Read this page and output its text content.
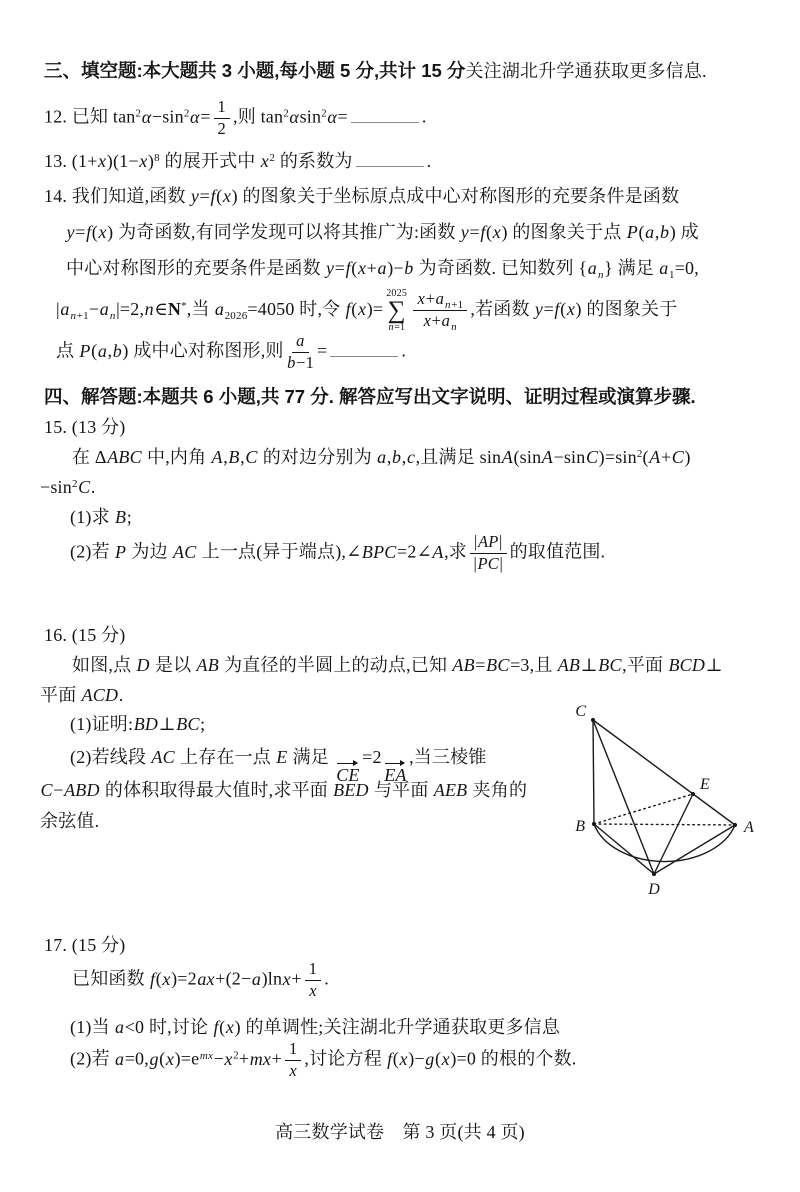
三、填空题:本大题共 3 小题,每小题 5 分,共计 15 分关注湖北升学通获取更多信息.
12. 已知 $\tan^2\alpha-\sin^2\alpha= \frac{1}{2}$ ,则 $\tan^2\alpha\sin^2\alpha=$	.
13. $(1+x)(1-x)^8$ 的展开式中 $x^2$ 的系数为	.
14. 我们知道,函数 y=f(x) 的图象关于坐标原点成中心对称图形的充要条件是函数
y=f(x) 为奇函数,有同学发现可以将其推广为:函数 y=f(x) 的图象关于点 P(a,b) 成
中心对称图形的充要条件是函数 y=f(x+a)−b 为奇函数. 已知数列 $\{a_n\}$ 满足 $a_1=0$,
$|a_{n+1}-a_n|=2,n\in N^*$,当 $a_{2026}=4050$ 时,令 f(x)=
2025
∑
$n=1 \frac{x+a_{n+1}}{x+a_n}$ ,若函数 y=f(x) 的图象关于
点 P(a,b) 成中心对称图形,则 $\frac{a}{b-1}$ =	.
四、解答题:本题共 6 小题,共 77 分. 解答应写出文字说明、证明过程或演算步骤.
15. (13 分)
在 ΔABC 中,内角 A,B,C 的对边分别为 a,b,c,且满足 $\sin A(\sin A-\sin C)=\sin^2(A+C)$
$-\sin^2C$.
(1)求 B;
(2)若 P 为边 AC 上一点(异于端点),∠BPC=2∠A,求 $\frac{|AP|}{|PC|}$ 的取值范围.
16. (15 分)
如图,点 D 是以 AB 为直径的半圆上的动点,已知 AB=BC=3,且 AB⊥BC,平面 BCD⊥
平面 ACD.
(1)证明:BD⊥BC;
(2)若线段 AC 上存在一点 E 满足
CE
=2
EA
,当三棱锥
C−ABD 的体积取得最大值时,求平面 BED 与平面 AEB 夹角的
余弦值.
17. (15 分)
已知函数 $f(x)=2ax+(2-a)\ln x+ \frac{1}{x}$ .
(1)当 a<0 时,讨论 f(x) 的单调性;关注湖北升学通获取更多信息
(2)若 $a=0,g(x)=e^{mx}-x^2+mx+ \frac{1}{x}$ ,讨论方程 f(x)−g(x)=0 的根的个数.
高三数学试卷　第 3 页(共 4 页)
C
B	A
D
E
